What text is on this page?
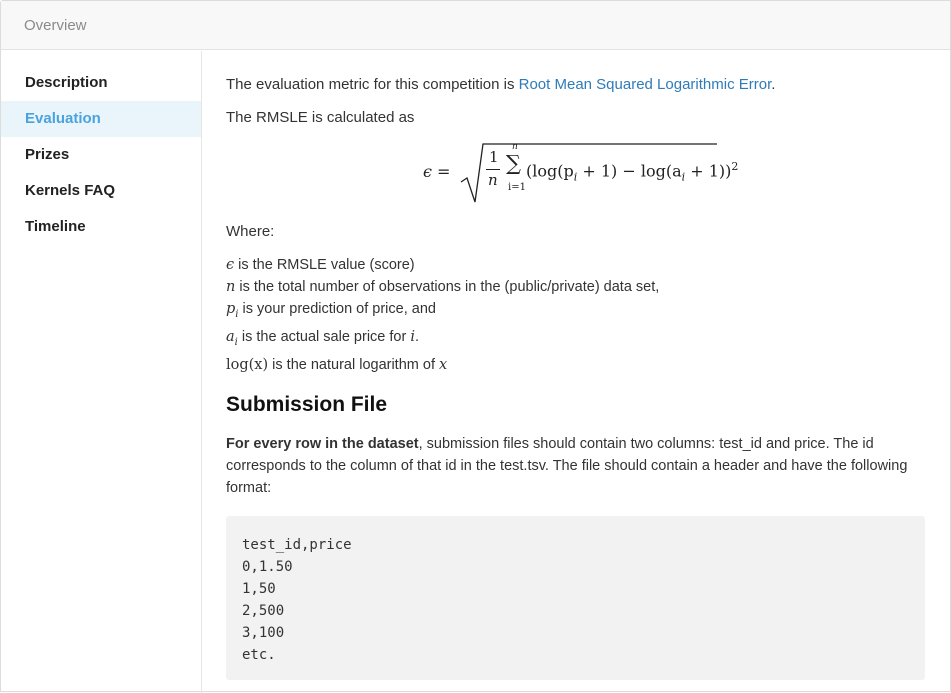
Overview
Description
Evaluation
Prizes
Kernels FAQ
Timeline
The evaluation metric for this competition is Root Mean Squared Logarithmic Error.
The RMSLE is calculated as
ϵ =
1
n
n
∑
i=1
$(\log(p_i + 1) - \log(a_i + 1))^2$
Where:
ϵ is the RMSLE value (score)
n is the total number of observations in the (public/private) data set,
$p_i$ is your prediction of price, and
$a_i$ is the actual sale price for i.
log(x) is the natural logarithm of x
Submission File
For every row in the dataset, submission files should contain two columns: test_id and price. The id corresponds to the column of that id in the test.tsv. The file should contain a header and have the following format:
test_id,price
0,1.50
1,50
2,500
3,100
etc.
